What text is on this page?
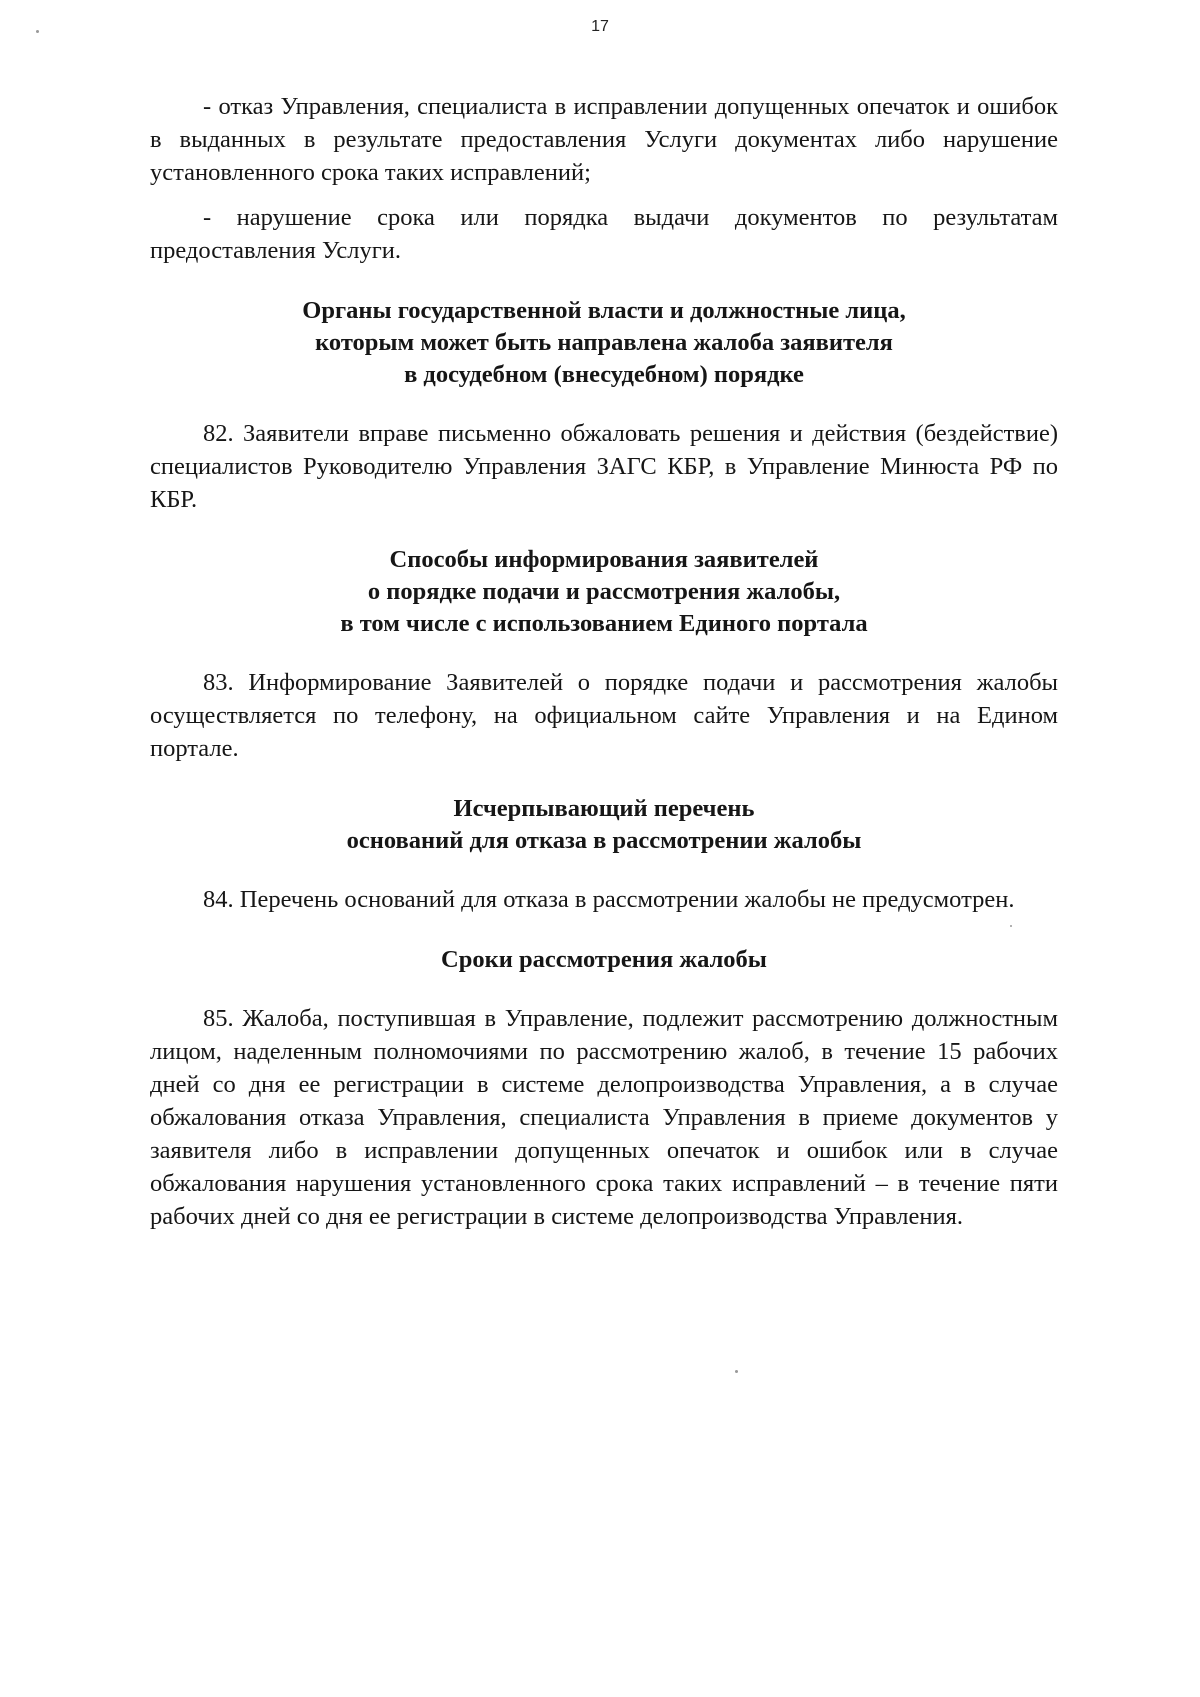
17

- отказ Управления, специалиста в исправлении допущенных опечаток и ошибок в выданных в результате предоставления Услуги документах либо нарушение установленного срока таких исправлений;

- нарушение срока или порядка выдачи документов по результатам предоставления Услуги.

Органы государственной власти и должностные лица,
которым может быть направлена жалоба заявителя
в досудебном (внесудебном) порядке

82. Заявители вправе письменно обжаловать решения и действия (бездействие) специалистов Руководителю Управления ЗАГС КБР, в Управление Минюста РФ по КБР.

Способы информирования заявителей
о порядке подачи и рассмотрения жалобы,
в том числе с использованием Единого портала

83. Информирование Заявителей о порядке подачи и рассмотрения жалобы осуществляется по телефону, на официальном сайте Управления и на Едином портале.

Исчерпывающий перечень
оснований для отказа в рассмотрении жалобы

84. Перечень оснований для отказа в рассмотрении жалобы не предусмотрен.

Сроки рассмотрения жалобы

85. Жалоба, поступившая в Управление, подлежит рассмотрению должностным лицом, наделенным полномочиями по рассмотрению жалоб, в течение 15 рабочих дней со дня ее регистрации в системе делопроизводства Управления, а в случае обжалования отказа Управления, специалиста Управления в приеме документов у заявителя либо в исправлении допущенных опечаток и ошибок или в случае обжалования нарушения установленного срока таких исправлений – в течение пяти рабочих дней со дня ее регистрации в системе делопроизводства Управления.
